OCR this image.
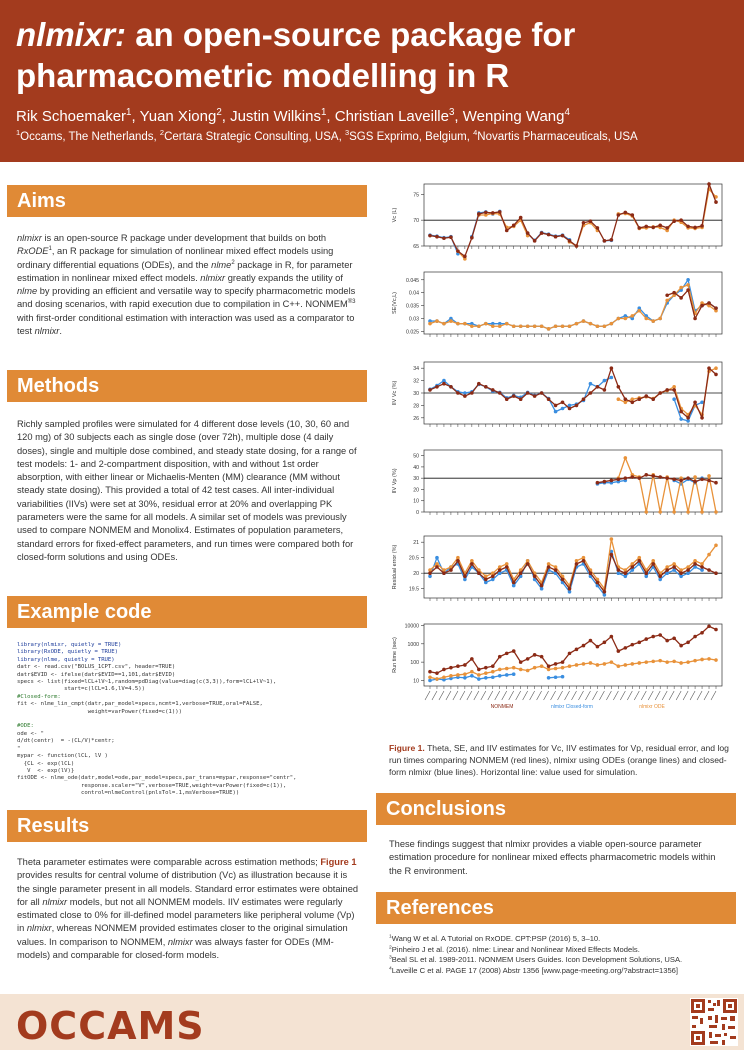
nlmixr: an open-source package for pharmacometric modelling in R
Rik Schoemaker$^1$, Yuan Xiong$^2$, Justin Wilkins$^1$, Christian Laveille$^3$, Wenping Wang$^4$
$^1$Occams, The Netherlands, $^2$Certara Strategic Consulting, USA, $^3$SGS Exprimo, Belgium, $^4$Novartis Pharmaceuticals, USA
Aims
nlmixr is an open-source R package under development that builds on both RxODE$^1$, an R package for simulation of nonlinear mixed effect models using ordinary differential equations (ODEs), and the nlme$^2$ package in R, for parameter estimation in nonlinear mixed effect models. nlmixr greatly expands the utility of nlme by providing an efficient and versatile way to specify pharmacometric models and dosing scenarios, with rapid execution due to compilation in C++. $NONMEM^{®3}$ with first-order conditional estimation with interaction was used as a comparator to test nlmixr.
Methods
Richly sampled profiles were simulated for 4 different dose levels (10, 30, 60 and 120 mg) of 30 subjects each as single dose (over 72h), multiple dose (4 daily doses), single and multiple dose combined, and steady state dosing, for a range of test models: 1- and 2-compartment disposition, with and without 1st order absorption, with either linear or Michaelis-Menten (MM) clearance (MM without steady state dosing). This provided a total of 42 test cases. All inter-individual variabilities (IIVs) were set at 30%, residual error at 20% and overlapping PK parameters were the same for all models. A similar set of models was previously used to compare NONMEM and Monolix4. Estimates of population parameters, standard errors for fixed-effect parameters, and run times were compared both for closed-form solutions and using ODEs.
Example code
library(nlmixr, quietly = TRUE)
library(RxODE, quietly = TRUE)
library(nlme, quietly = TRUE)
datr <- read.csv("BOLUS_1CPT.csv", header=TRUE)
datr$EVID <- ifelse(datr$EVID==1,101,datr$EVID)
specs <- list(fixed=lCL+lV~1,random=pdDiag(value=diag(c(3,3)),form=lCL+lV~1),
start=c(lCL=1.6,lV=4.5))
#Closed-form:
fit <- nlme_lin_cmpt(datr,par_model=specs,ncmt=1,verbose=TRUE,oral=FALSE,
weight=varPower(fixed=c(1)))

#ODE:
ode <- "
d/dt(centr)  = -(CL/V)*centr;
"
mypar <- function(lCL, lV )
{CL <- exp(lCL)
V  <- exp(lV)}
fitODE <- nlme_ode(datr,model=ode,par_model=specs,par_trans=mypar,response="centr",
response.scaler="V",verbose=TRUE,weight=varPower(fixed=c(1)),
control=nlmeControl(pnlsTol=.1,msVerbose=TRUE))
Results
Theta parameter estimates were comparable across estimation methods; Figure 1 provides results for central volume of distribution (Vc) as illustration because it is the single parameter present in all models. Standard error estimates were obtained for all nlmixr models, but not all NONMEM models. IIV estimates were regularly estimated close to 0% for ill-defined model parameters like peripheral volume (Vp) in nlmixr, whereas NONMEM provided estimates closer to the original simulation values. In comparison to NONMEM, nlmixr was always faster for ODEs (MM-models) and comparable for closed-form models.
Vc (L)
65
70
75
SE(Vc,L)
0.025
0.03
0.035
0.04
0.045
IIV Vc (%)
26
28
30
32
34
IIV Vp (%)
0
10
20
30
40
50
Residual error (%)
19.5
20
20.5
21
Run time (sec)
10
100
1000
10000
NONMEM	nlmixr Closed-form	nlmixr ODE
Figure 1. Theta, SE, and IIV estimates for Vc, IIV estimates for Vp, residual error, and log run times comparing NONMEM (red lines), nlmixr using ODEs (orange lines) and closed-form nlmixr (blue lines). Horizontal line: value used for simulation.
Conclusions
These findings suggest that nlmixr provides a viable open-source parameter estimation procedure for nonlinear mixed effects pharmacometric models within the R environment.
References
$^1$Wang W et al. A Tutorial on RxODE. CPT:PSP (2016) 5, 3–10.
$^2$Pinheiro J et al. (2016). nlme: Linear and Nonlinear Mixed Effects Models.
$^3$Beal SL et al. 1989-2011. NONMEM Users Guides. Icon Development Solutions, USA.
$^4$Laveille C et al. PAGE 17 (2008) Abstr 1356 [www.page-meeting.org/?abstract=1356]
OCCAMS
